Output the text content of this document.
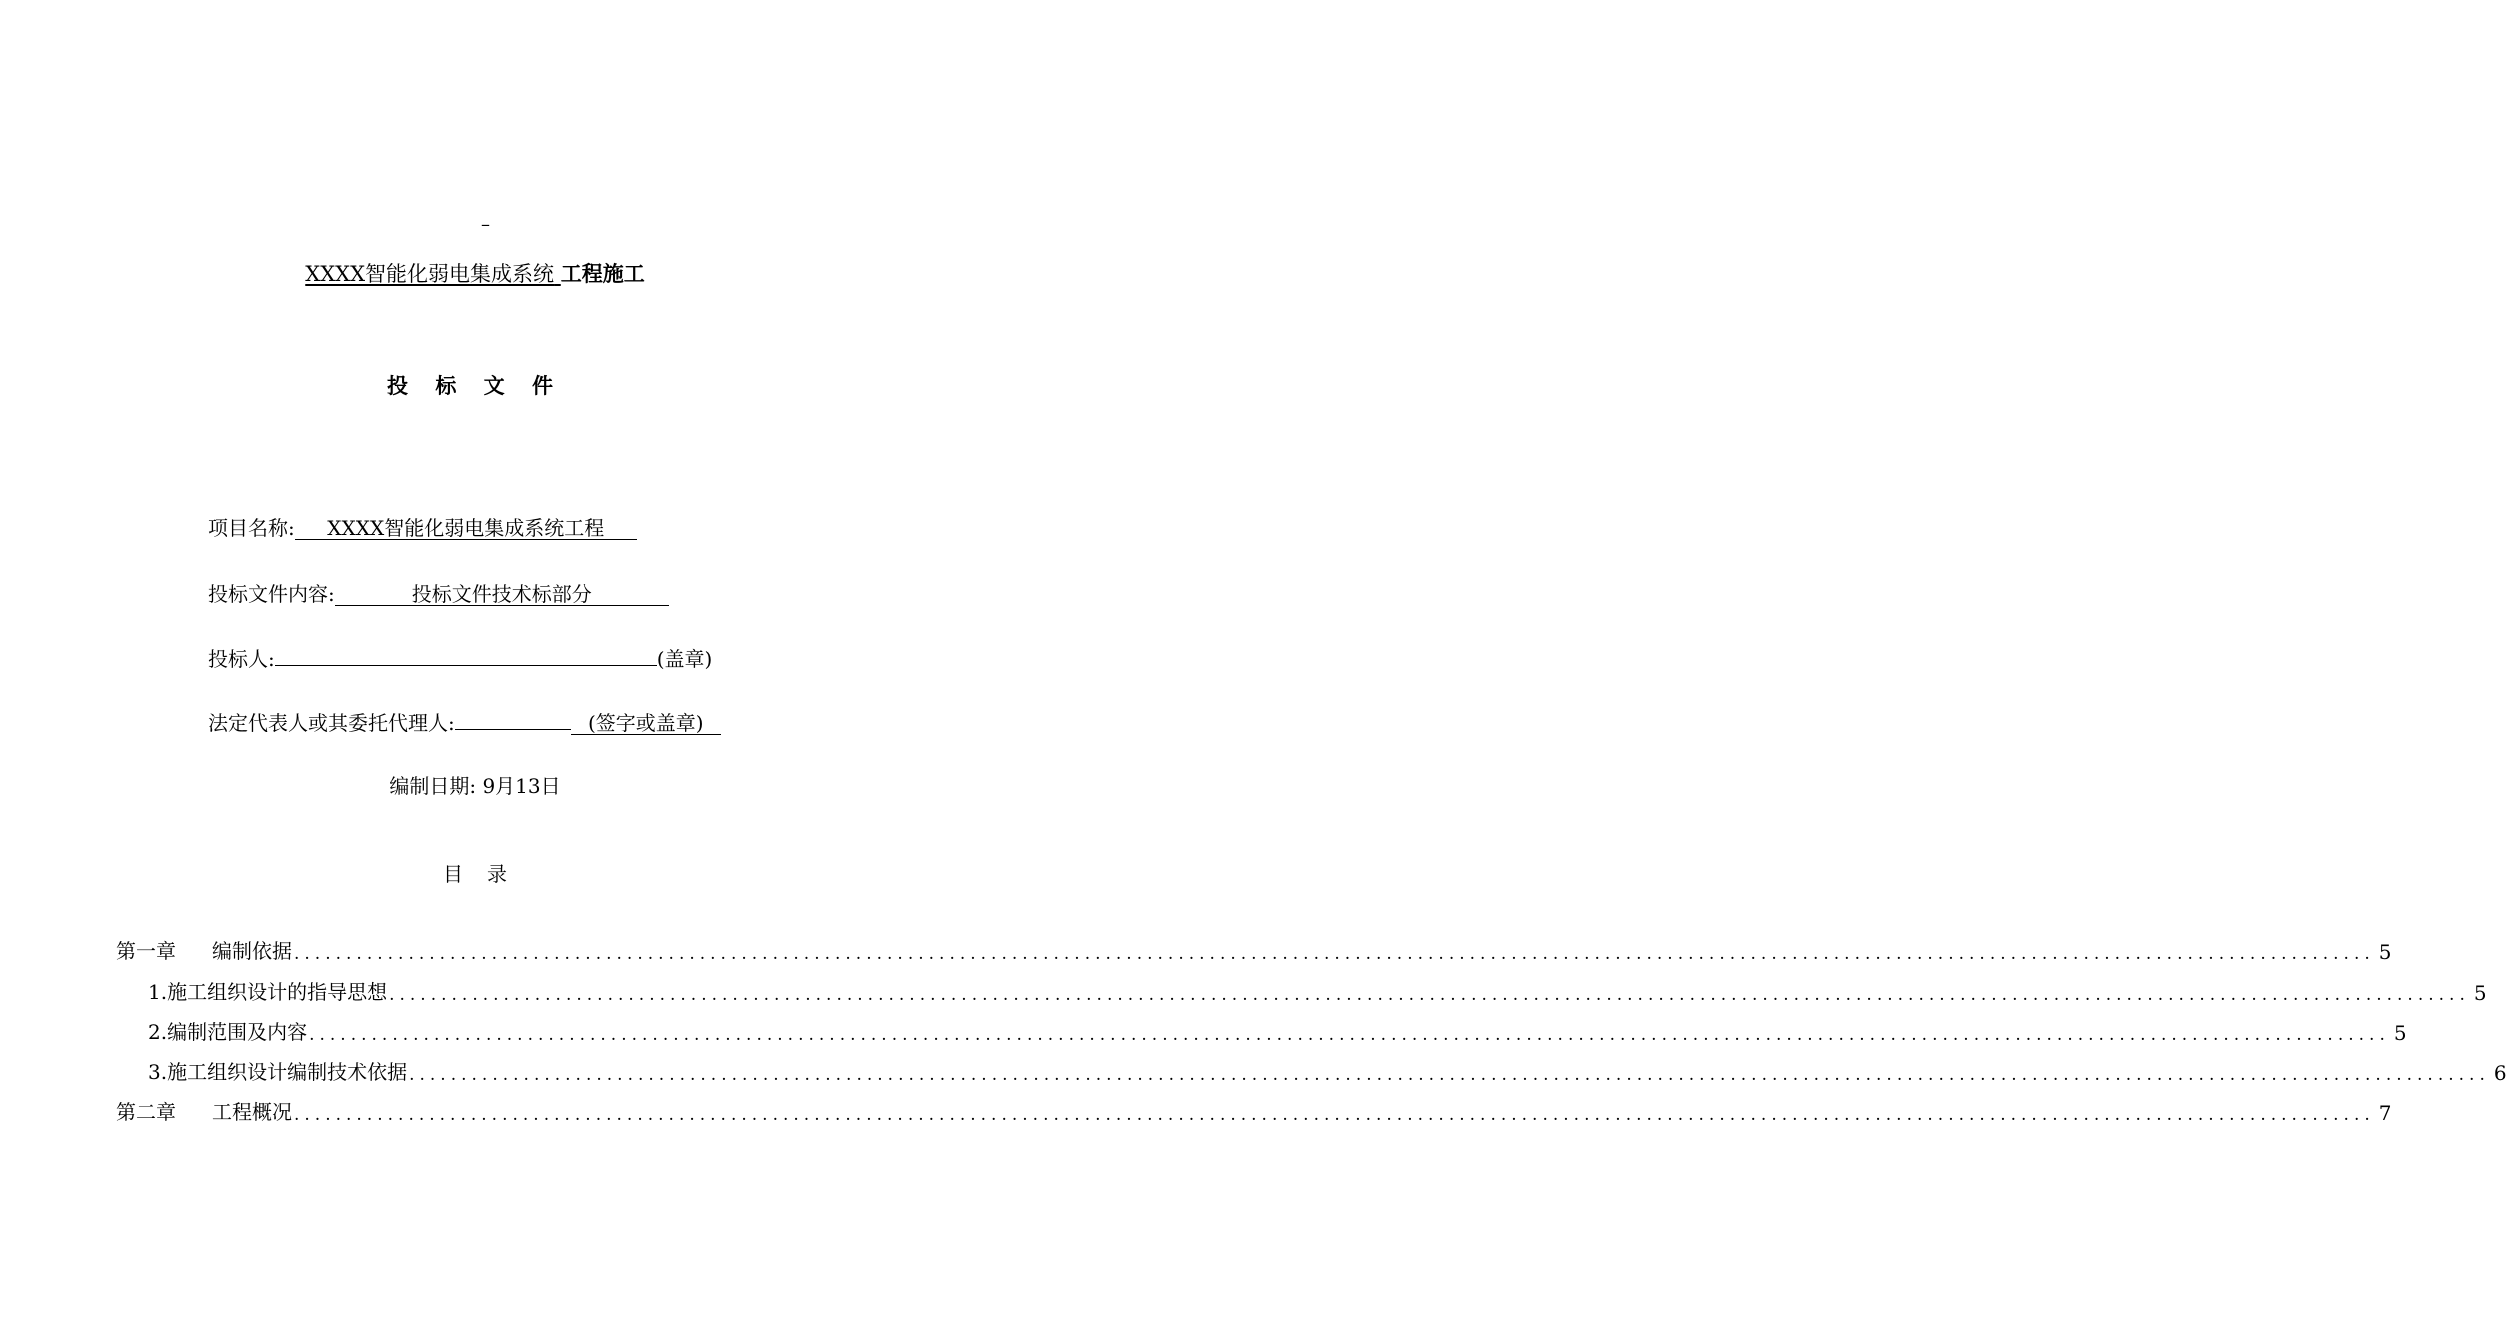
–
XXXX智能化弱电集成系统 工程施工
投 标 文 件
项目名称:	XXXX智能化弱电集成系统工程
投标文件内容:	投标文件技术标部分
投标人:	(盖章)
法定代表人或其委托代理人:	(签字或盖章)
编制日期: 9月13日
目录
第一章 编制依据 ........................................................................................................................................................................................................ 5
1.施工组织设计的指导思想 ........................................................................................................................................................................................................ 5
2.编制范围及内容 ........................................................................................................................................................................................................ 5
3.施工组织设计编制技术依据 ........................................................................................................................................................................................................ 6
第二章 工程概况 ........................................................................................................................................................................................................ 7
